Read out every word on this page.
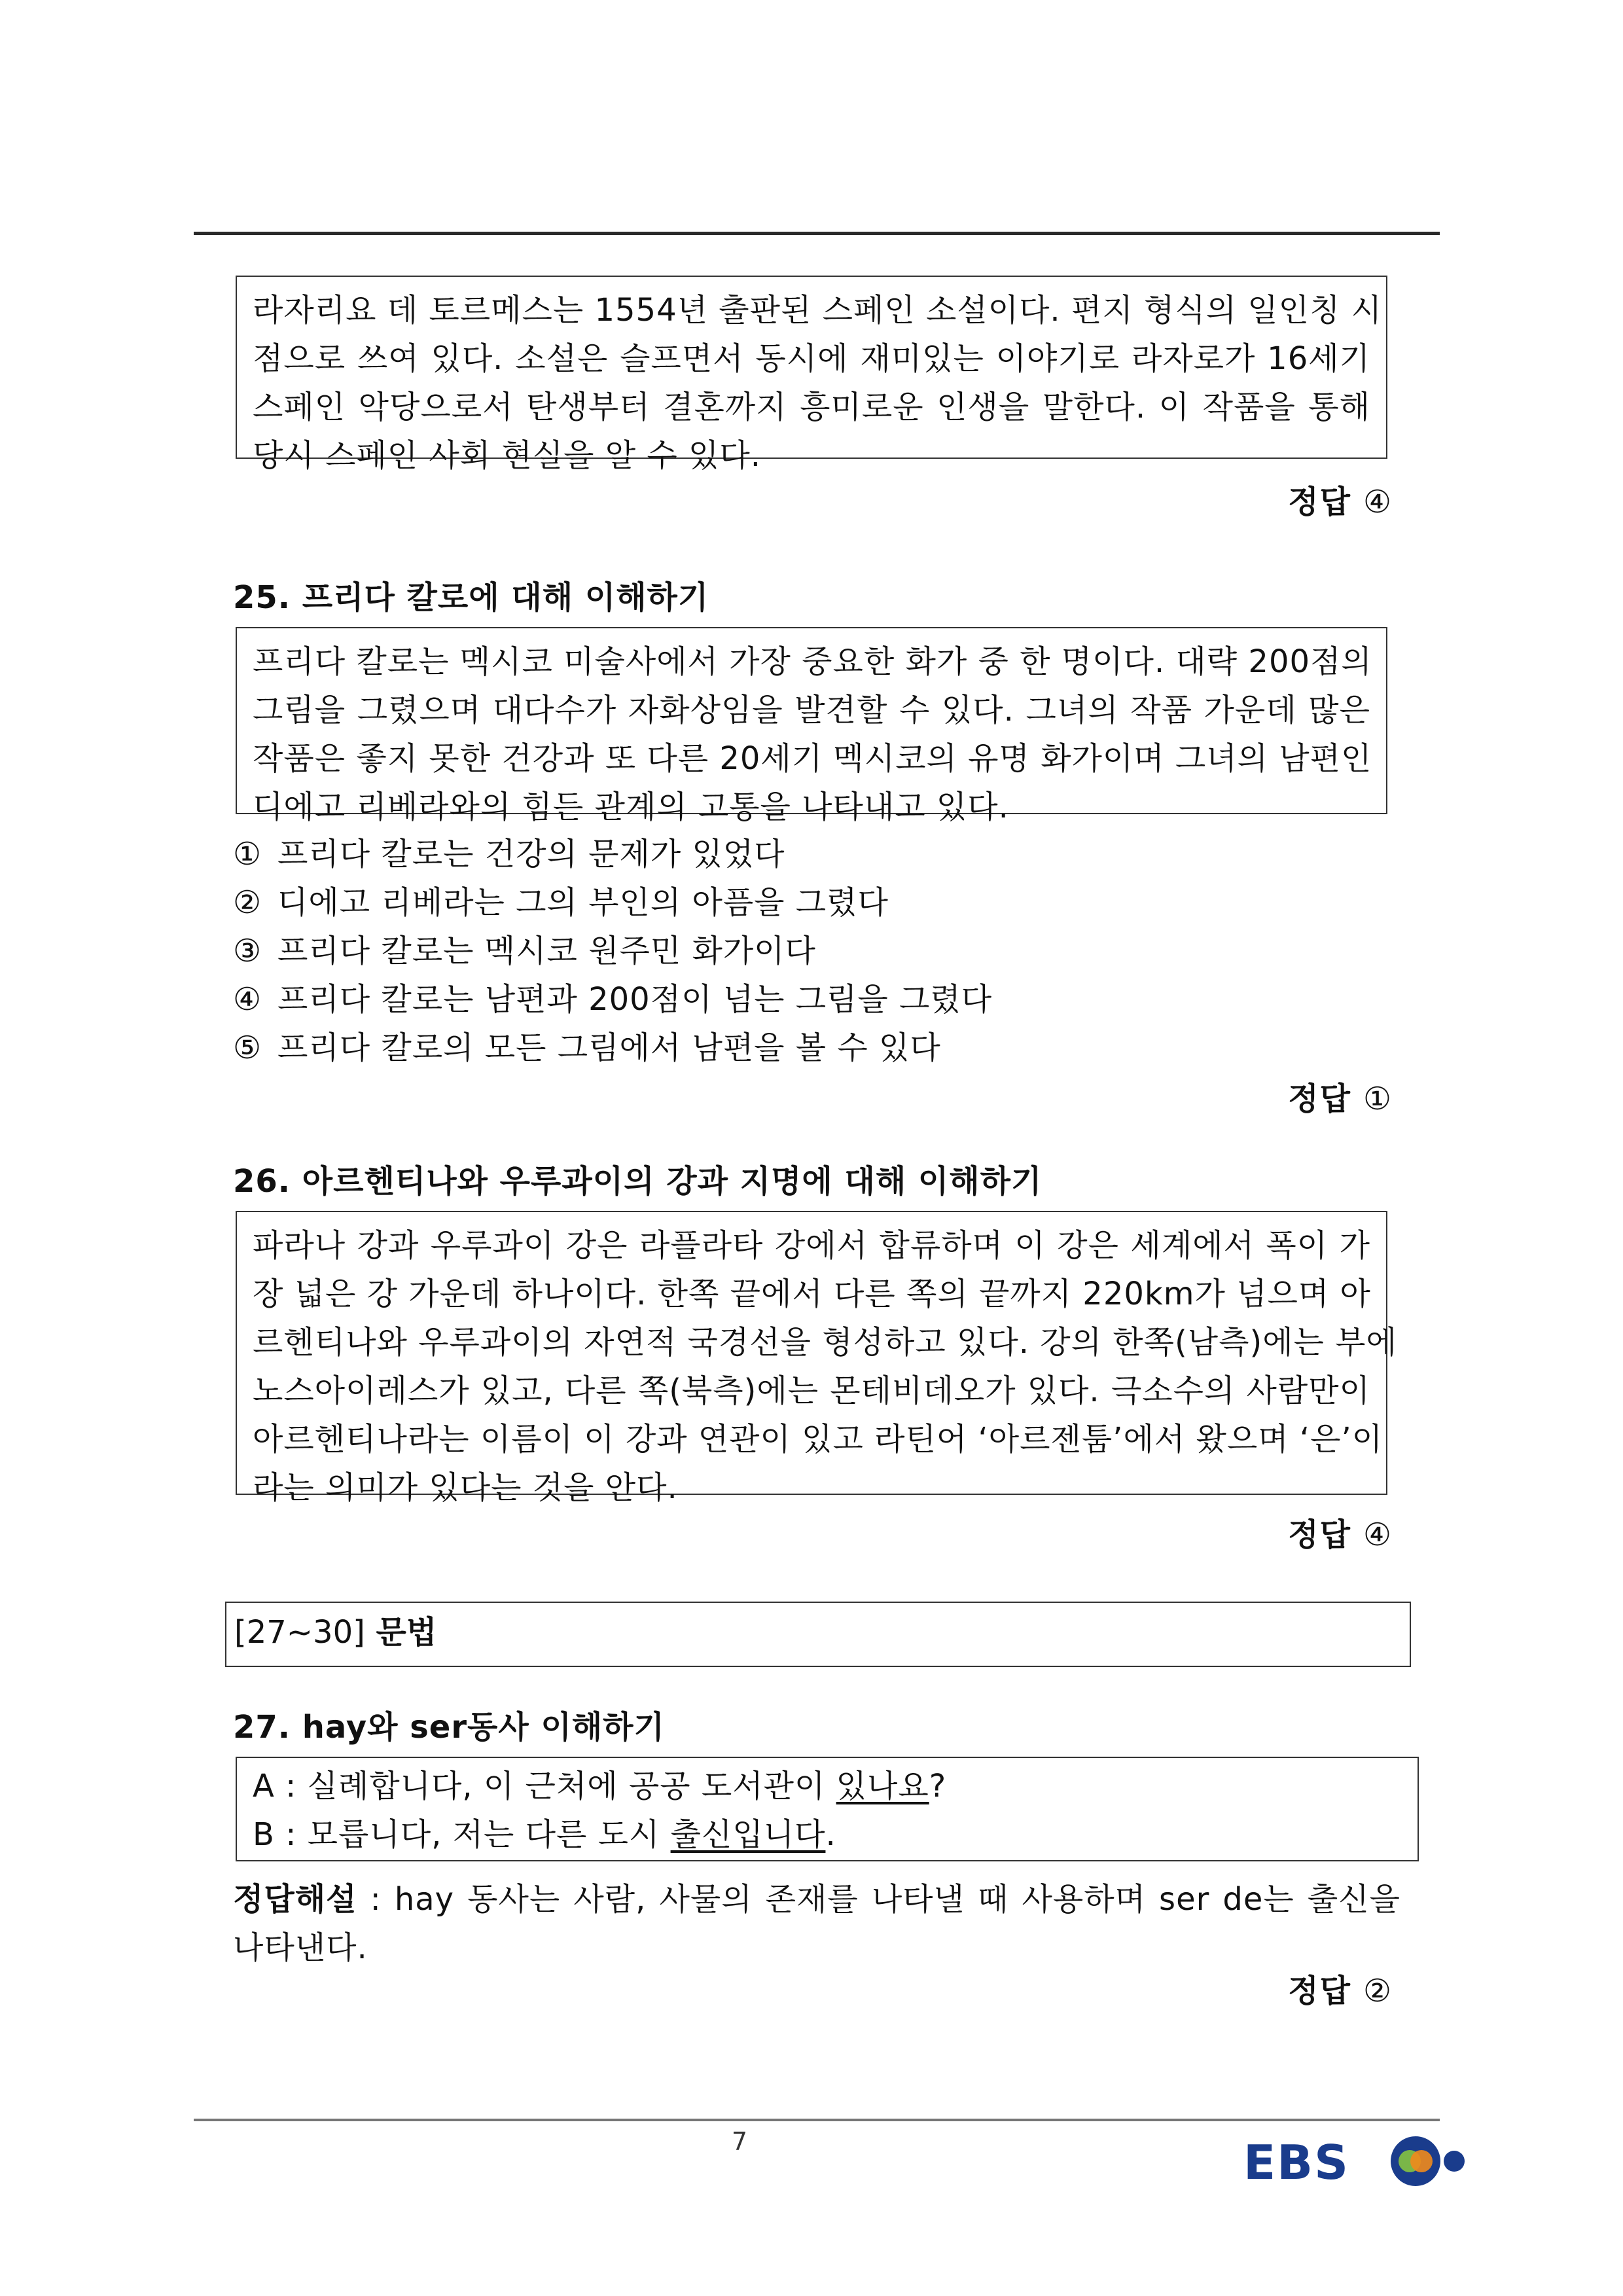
라자리요 데 토르메스는 1554년 출판된 스페인 소설이다. 편지 형식의 일인칭 시
점으로 쓰여 있다. 소설은 슬프면서 동시에 재미있는 이야기로 라자로가 16세기
스페인 악당으로서 탄생부터 결혼까지 흥미로운 인생을 말한다. 이 작품을 통해
당시 스페인 사회 현실을 알 수 있다.
정답 ④
25. 프리다 칼로에 대해 이해하기
프리다 칼로는 멕시코 미술사에서 가장 중요한 화가 중 한 명이다. 대략 200점의
그림을 그렸으며 대다수가 자화상임을 발견할 수 있다. 그녀의 작품 가운데 많은
작품은 좋지 못한 건강과 또 다른 20세기 멕시코의 유명 화가이며 그녀의 남편인
디에고 리베라와의 힘든 관계의 고통을 나타내고 있다.
① 프리다 칼로는 건강의 문제가 있었다
② 디에고 리베라는 그의 부인의 아픔을 그렸다
③ 프리다 칼로는 멕시코 원주민 화가이다
④ 프리다 칼로는 남편과 200점이 넘는 그림을 그렸다
⑤ 프리다 칼로의 모든 그림에서 남편을 볼 수 있다
정답 ①
26. 아르헨티나와 우루과이의 강과 지명에 대해 이해하기
파라나 강과 우루과이 강은 라플라타 강에서 합류하며 이 강은 세계에서 폭이 가
장 넓은 강 가운데 하나이다. 한쪽 끝에서 다른 쪽의 끝까지 220km가 넘으며 아
르헨티나와 우루과이의 자연적 국경선을 형성하고 있다. 강의 한쪽(남측)에는 부에
노스아이레스가 있고, 다른 쪽(북측)에는 몬테비데오가 있다. 극소수의 사람만이
아르헨티나라는 이름이 이 강과 연관이 있고 라틴어 ‘아르젠툼’에서 왔으며 ‘은’이
라는 의미가 있다는 것을 안다.
정답 ④
[27~30] 문법
27. hay와 ser동사 이해하기
A : 실례합니다, 이 근처에 공공 도서관이 있나요?
B : 모릅니다, 저는 다른 도시 출신입니다.
정답해설 : hay 동사는 사람, 사물의 존재를 나타낼 때 사용하며 ser de는 출신을
나타낸다.
정답 ②
7	EBS
